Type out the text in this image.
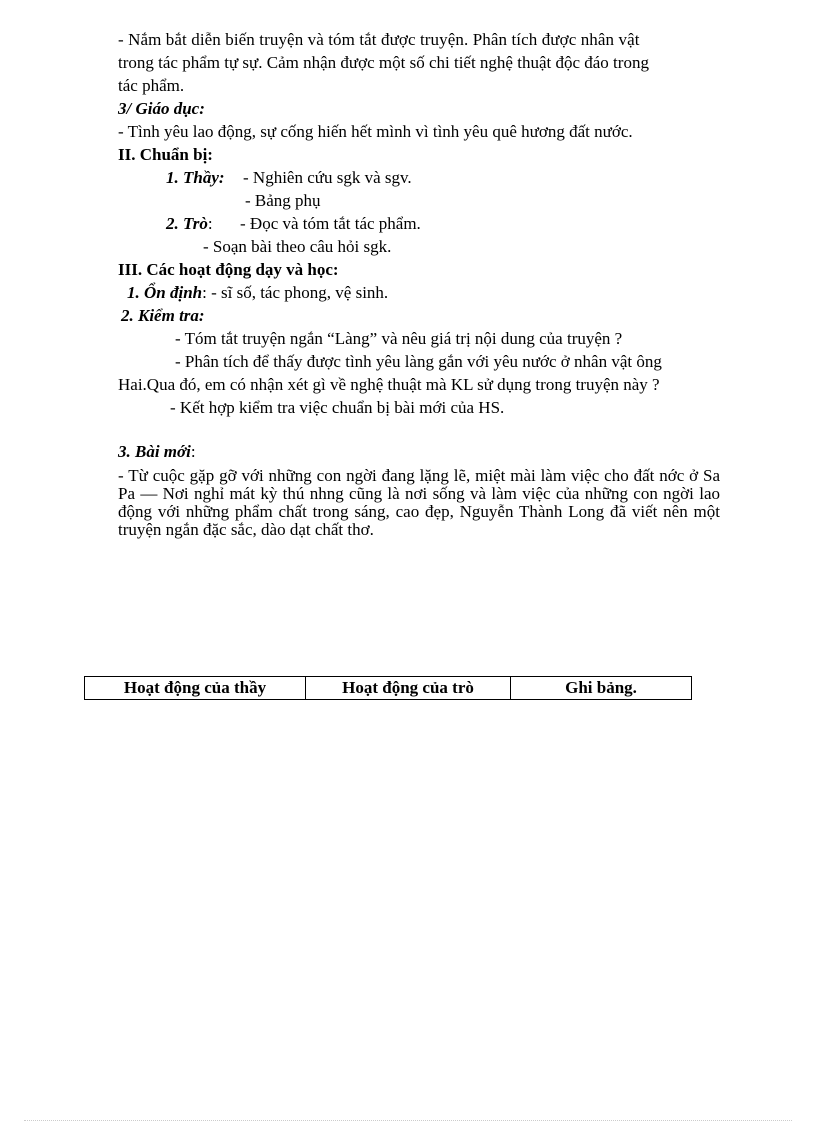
- Nắm bắt diễn biến truyện và tóm tắt được truyện. Phân tích được nhân vật
trong tác phẩm tự sự. Cảm nhận được một số chi tiết nghệ thuật độc đáo trong
tác phẩm.
3/ Giáo dục:
- Tình yêu lao động, sự cống hiến hết mình vì tình yêu quê hương đất nước.
II. Chuẩn bị:
1. Thầy: - Nghiên cứu sgk và sgv.
- Bảng phụ
2. Trò: - Đọc và tóm tắt tác phẩm.
- Soạn bài theo câu hỏi sgk.
III. Các hoạt động dạy và học:
1. Ổn định: - sĩ số, tác phong, vệ sinh.
2. Kiểm tra:
- Tóm tắt truyện ngắn “Làng” và nêu giá trị nội dung của truyện ?
- Phân tích để thấy được tình yêu làng gắn với yêu nước ở nhân vật ông
Hai.Qua đó, em có nhận xét gì về nghệ thuật mà KL sử dụng trong truyện này ?
- Kết hợp kiểm tra việc chuẩn bị bài mới của HS.
3. Bài mới:
- Từ cuộc gặp gỡ với những con ngời đang lặng lẽ, miệt mài làm việc cho đất nớc ở Sa Pa — Nơi nghỉ mát kỳ thú nhng cũng là nơi sống và làm việc của những con ngời lao động với những phẩm chất trong sáng, cao đẹp, Nguyễn Thành Long đã viết nên một truyện ngắn đặc sắc, dào dạt chất thơ.
Hoạt động của thầy	Hoạt động của trò	Ghi bảng.
